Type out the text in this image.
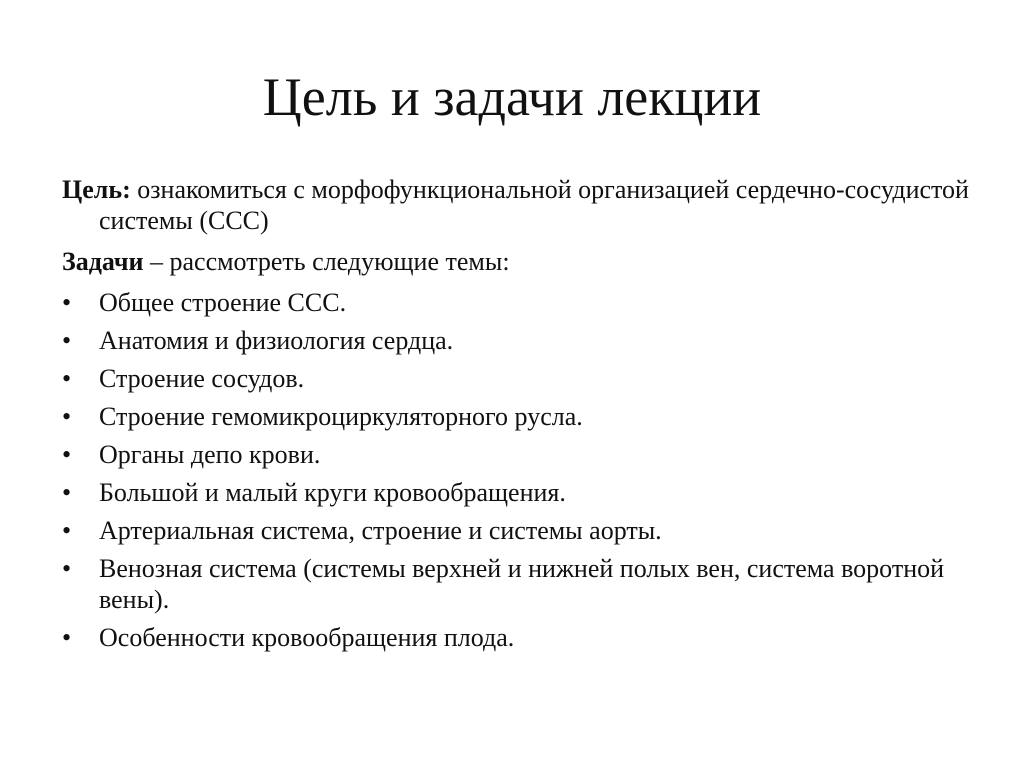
Цель и задачи лекции

Цель: ознакомиться с морфофункциональной организацией сердечно-сосудистой системы (ССС)

Задачи – рассмотреть следующие темы:

•	Общее строение ССС.
•	Анатомия и физиология сердца.
•	Строение сосудов.
•	Строение гемомикроциркуляторного русла.
•	Органы депо крови.
•	Большой и малый круги кровообращения.
•	Артериальная система, строение и системы аорты.
•	Венозная система (системы верхней и нижней полых вен, система воротной вены).
•	Особенности кровообращения плода.
